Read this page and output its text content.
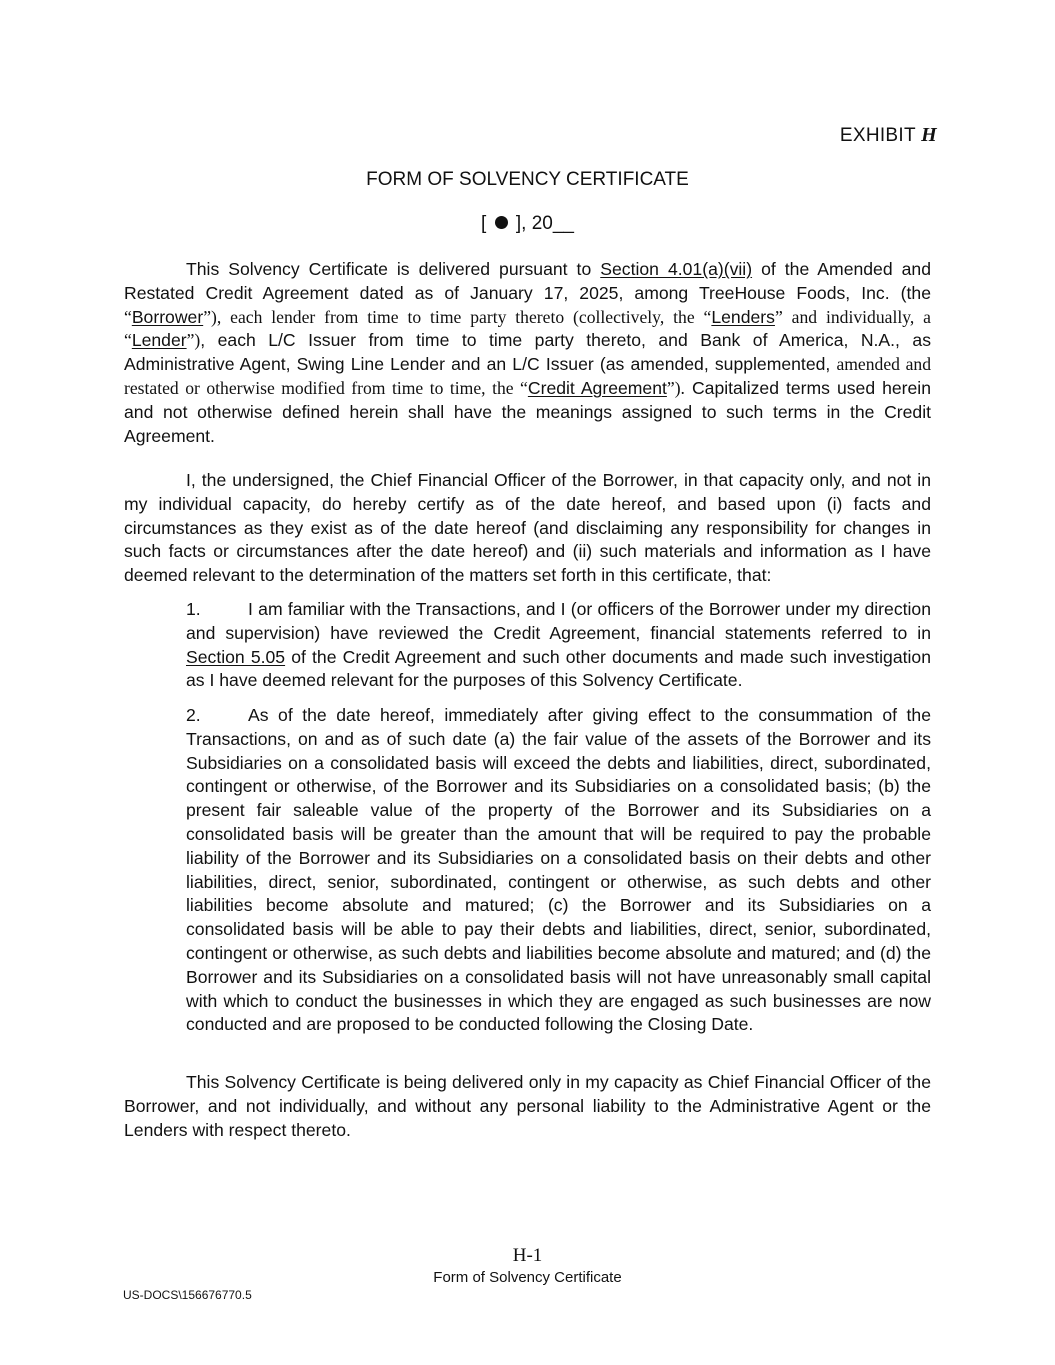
EXHIBIT H
FORM OF SOLVENCY CERTIFICATE
[ ], 20__
This Solvency Certificate is delivered pursuant to Section 4.01(a)(vii) of the Amended and Restated Credit Agreement dated as of January 17, 2025, among TreeHouse Foods, Inc. (the “Borrower”), each lender from time to time party thereto (collectively, the “Lenders” and individually, a “Lender”), each L/C Issuer from time to time party thereto, and Bank of America, N.A., as Administrative Agent, Swing Line Lender and an L/C Issuer (as amended, supplemented, amended and restated or otherwise modified from time to time, the “Credit Agreement”). Capitalized terms used herein and not otherwise defined herein shall have the meanings assigned to such terms in the Credit Agreement.
I, the undersigned, the Chief Financial Officer of the Borrower, in that capacity only, and not in my individual capacity, do hereby certify as of the date hereof, and based upon (i) facts and circumstances as they exist as of the date hereof (and disclaiming any responsibility for changes in such facts or circumstances after the date hereof) and (ii) such materials and information as I have deemed relevant to the determination of the matters set forth in this certificate, that:
1.	I am familiar with the Transactions, and I (or officers of the Borrower under my direction and supervision) have reviewed the Credit Agreement, financial statements referred to in Section 5.05 of the Credit Agreement and such other documents and made such investigation as I have deemed relevant for the purposes of this Solvency Certificate.
2.	As of the date hereof, immediately after giving effect to the consummation of the Transactions, on and as of such date (a) the fair value of the assets of the Borrower and its Subsidiaries on a consolidated basis will exceed the debts and liabilities, direct, subordinated, contingent or otherwise, of the Borrower and its Subsidiaries on a consolidated basis; (b) the present fair saleable value of the property of the Borrower and its Subsidiaries on a consolidated basis will be greater than the amount that will be required to pay the probable liability of the Borrower and its Subsidiaries on a consolidated basis on their debts and other liabilities, direct, senior, subordinated, contingent or otherwise, as such debts and other liabilities become absolute and matured; (c) the Borrower and its Subsidiaries on a consolidated basis will be able to pay their debts and liabilities, direct, senior, subordinated, contingent or otherwise, as such debts and liabilities become absolute and matured; and (d) the Borrower and its Subsidiaries on a consolidated basis will not have unreasonably small capital with which to conduct the businesses in which they are engaged as such businesses are now conducted and are proposed to be conducted following the Closing Date.
This Solvency Certificate is being delivered only in my capacity as Chief Financial Officer of the Borrower, and not individually, and without any personal liability to the Administrative Agent or the Lenders with respect thereto.
H-1
Form of Solvency Certificate
US-DOCS\156676770.5
